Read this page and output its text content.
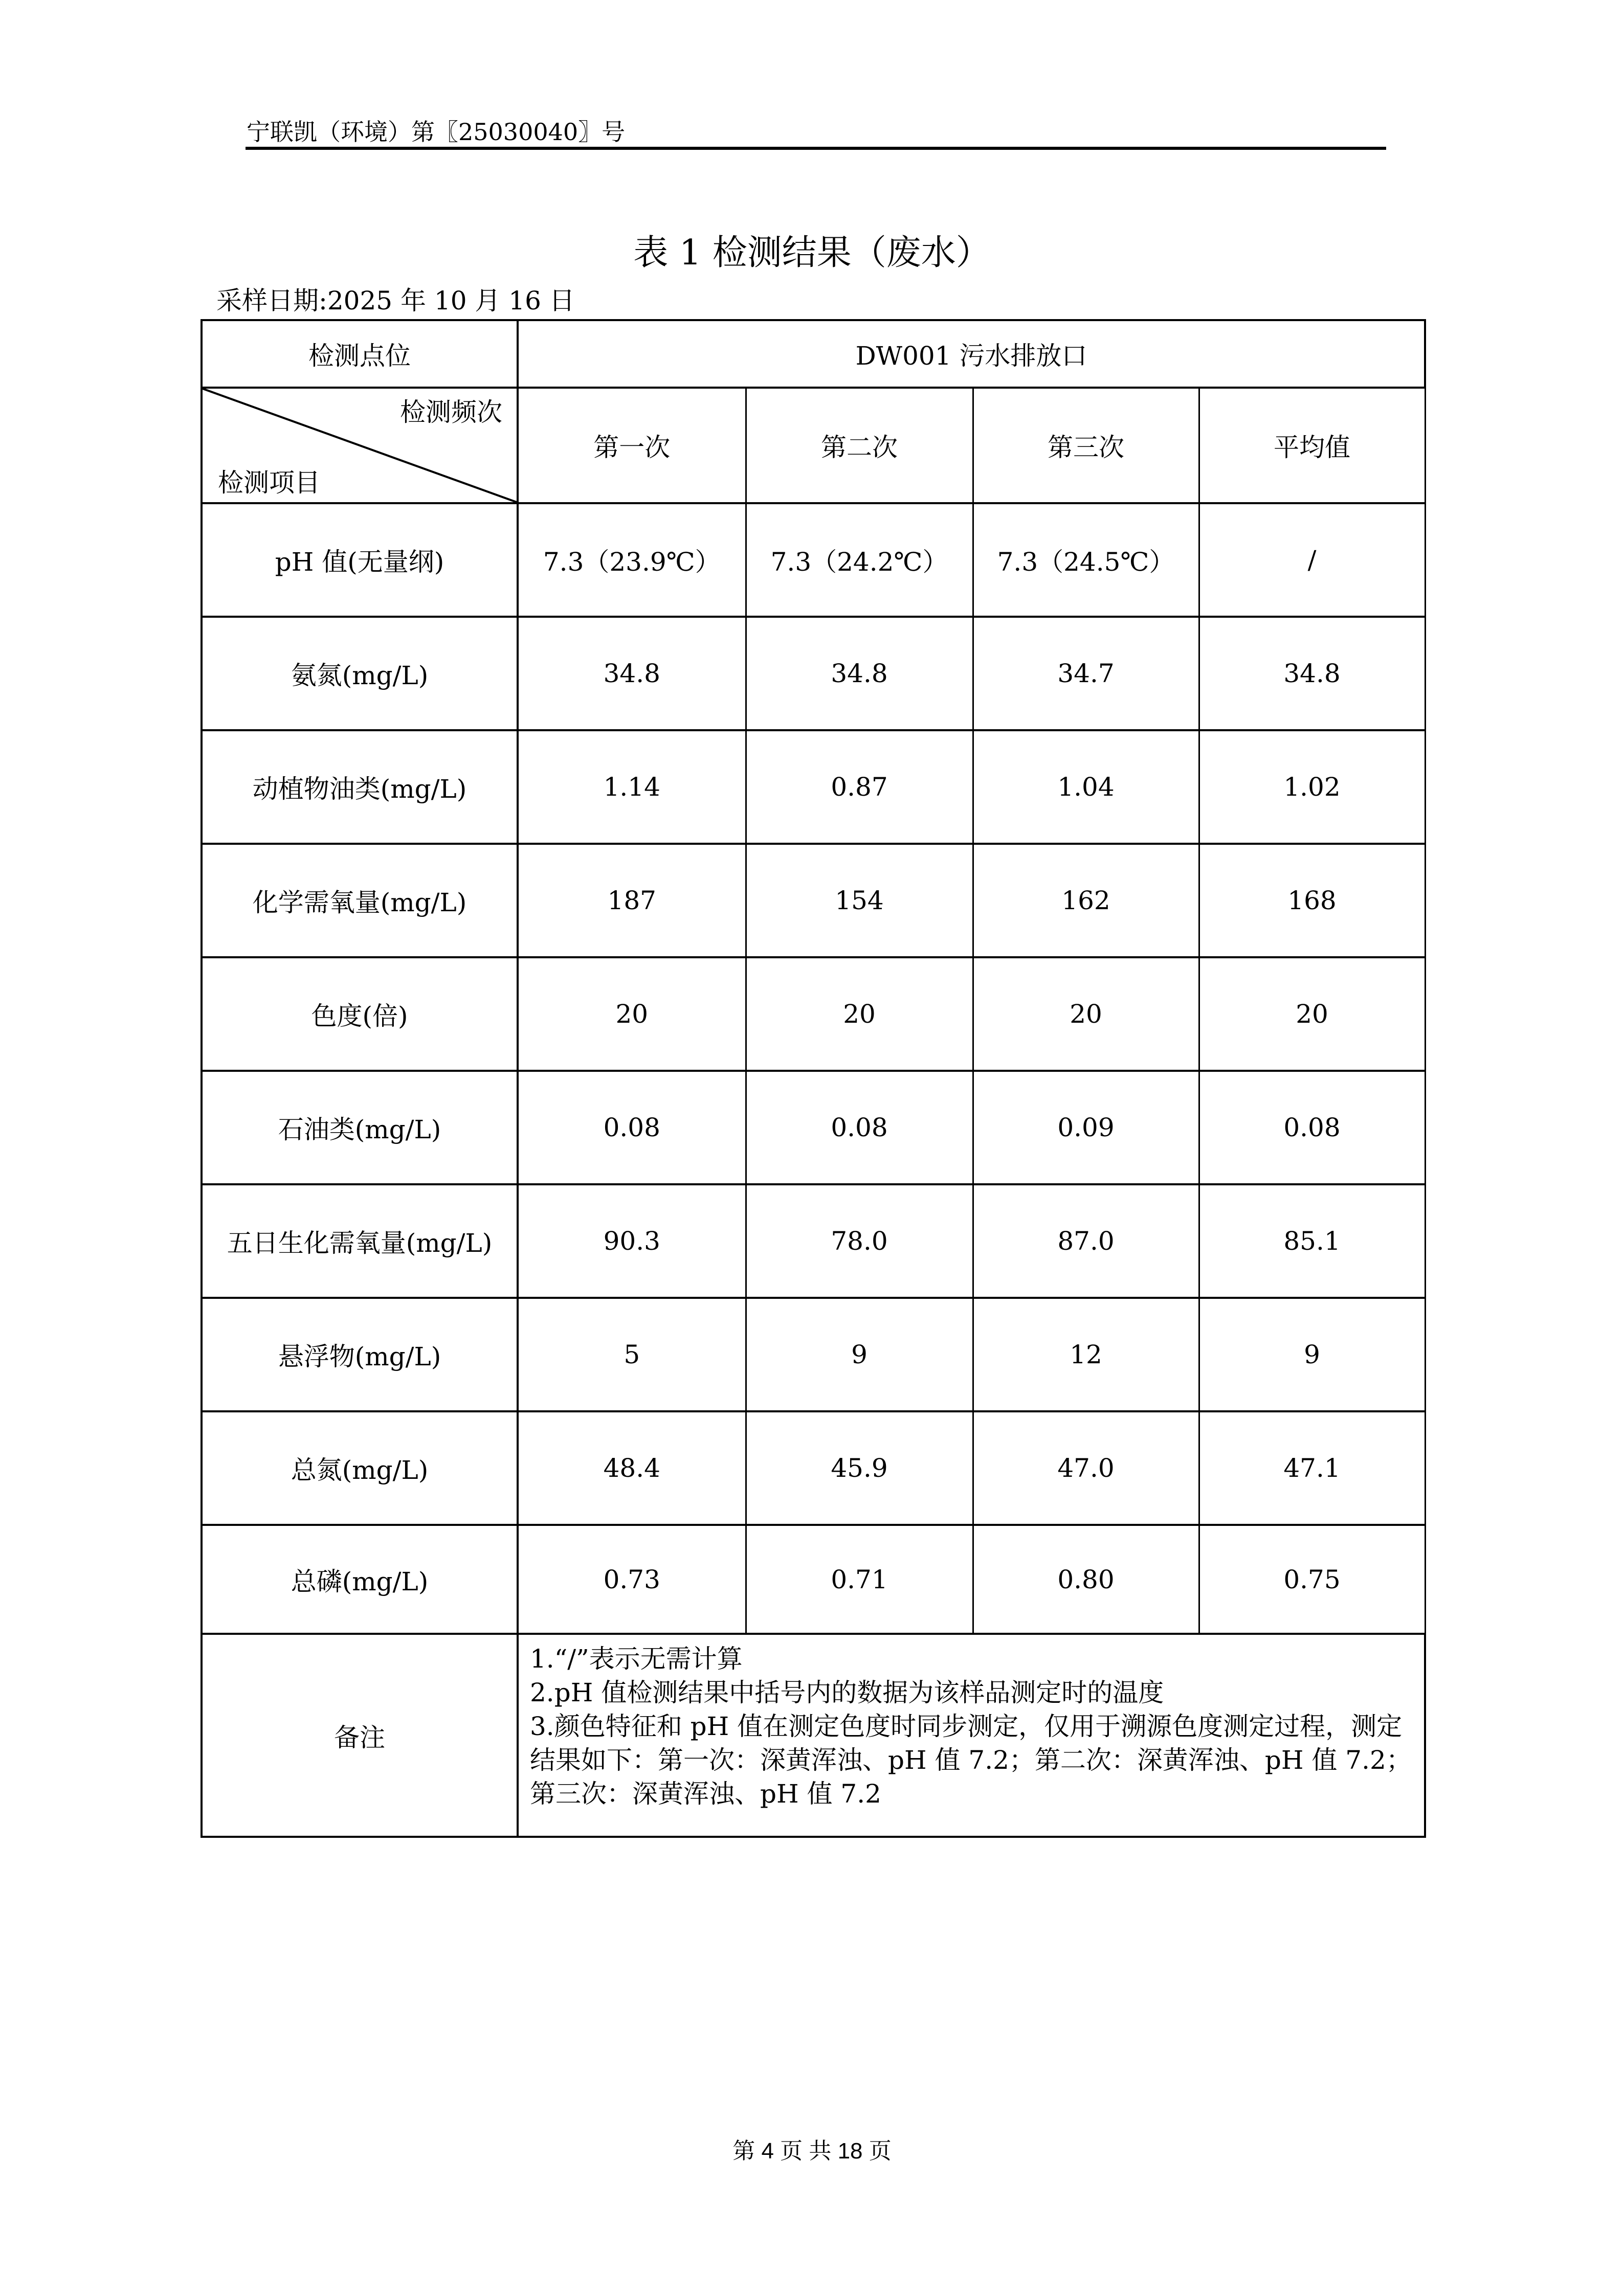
宁联凯（环境）第〖25030040〗号
表 1 检测结果（废水）
采样日期:2025 年 10 月 16 日
检测点位	DW001 污水排放口			

检测频次
检测项目	第一次	第二次	第三次	平均值
pH 值(无量纲)	7.3（23.9℃）	7.3（24.2℃）	7.3（24.5℃）	/
氨氮(mg/L)	34.8	34.8	34.7	34.8
动植物油类(mg/L)	1.14	0.87	1.04	1.02
化学需氧量(mg/L)	187	154	162	168
色度(倍)	20	20	20	20
石油类(mg/L)	0.08	0.08	0.09	0.08
五日生化需氧量(mg/L)	90.3	78.0	87.0	85.1
悬浮物(mg/L)	5	9	12	9
总氮(mg/L)	48.4	45.9	47.0	47.1
总磷(mg/L)	0.73	0.71	0.80	0.75
备注	1.“/”表示无需计算
2.pH 值检测结果中括号内的数据为该样品测定时的温度
3.颜色特征和 pH 值在测定色度时同步测定，仅用于溯源色度测定过程，测定结果如下：第一次：深黄浑浊、pH 值 7.2；第二次：深黄浑浊、pH 值 7.2；第三次：深黄浑浊、pH 值 7.2			
第 4 页 共 18 页
